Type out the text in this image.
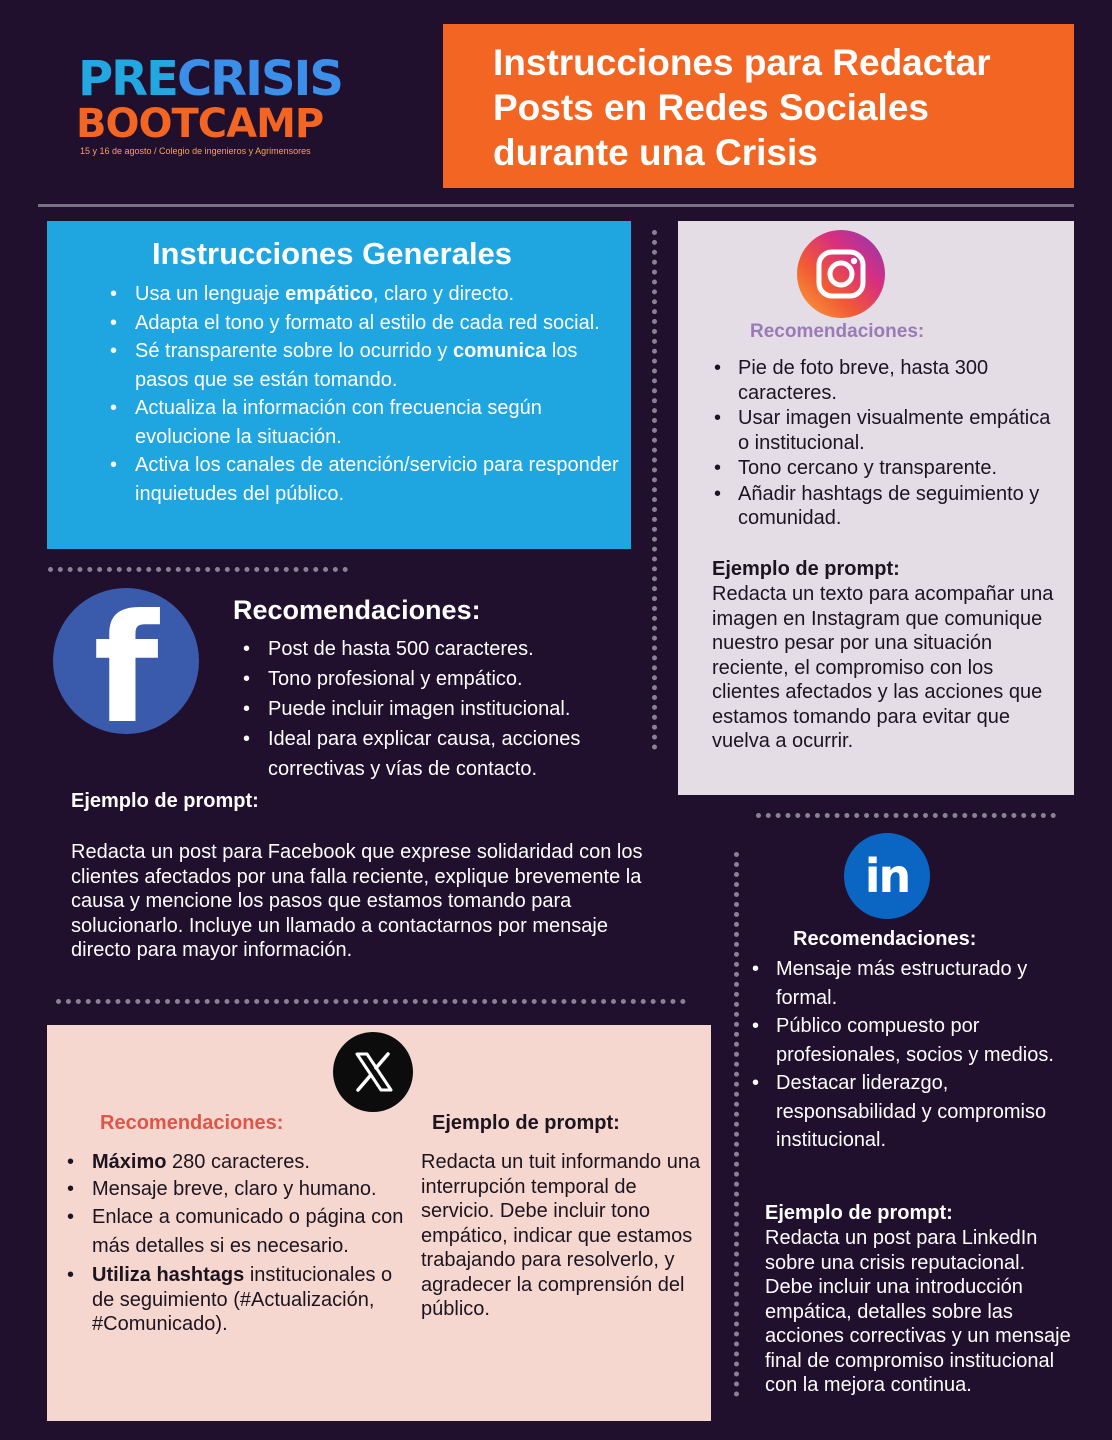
PRECRISIS
BOOTCAMP
15 y 16 de agosto / Colegio de ingenieros y Agrimensores
Instrucciones para Redactar Posts en Redes Sociales durante una Crisis
Instrucciones Generales
• Usa un lenguaje empático, claro y directo.
• Adapta el tono y formato al estilo de cada red social.
• Sé transparente sobre lo ocurrido y comunica los pasos que se están tomando.
• Actualiza la información con frecuencia según evolucione la situación.
• Activa los canales de atención/servicio para responder inquietudes del público.
f	Recomendaciones:
• Post de hasta 500 caracteres.
• Tono profesional y empático.
• Puede incluir imagen institucional.
• Ideal para explicar causa, acciones correctivas y vías de contacto.
Ejemplo de prompt:
Redacta un post para Facebook que exprese solidaridad con los clientes afectados por una falla reciente, explique brevemente la causa y mencione los pasos que estamos tomando para solucionarlo. Incluye un llamado a contactarnos por mensaje directo para mayor información.
Recomendaciones:
• Pie de foto breve, hasta 300 caracteres.
• Usar imagen visualmente empática o institucional.
• Tono cercano y transparente.
• Añadir hashtags de seguimiento y comunidad.
Ejemplo de prompt:
Redacta un texto para acompañar una imagen en Instagram que comunique nuestro pesar por una situación reciente, el compromiso con los clientes afectados y las acciones que estamos tomando para evitar que vuelva a ocurrir.
in
Recomendaciones:
• Mensaje más estructurado y formal.
• Público compuesto por profesionales, socios y medios.
• Destacar liderazgo, responsabilidad y compromiso institucional.
Ejemplo de prompt:
Redacta un post para LinkedIn sobre una crisis reputacional. Debe incluir una introducción empática, detalles sobre las acciones correctivas y un mensaje final de compromiso institucional con la mejora continua.
Recomendaciones:
• Máximo 280 caracteres.
• Mensaje breve, claro y humano.
• Enlace a comunicado o página con más detalles si es necesario.
• Utiliza hashtags institucionales o de seguimiento (#Actualización, #Comunicado).
Ejemplo de prompt:
Redacta un tuit informando una interrupción temporal de servicio. Debe incluir tono empático, indicar que estamos trabajando para resolverlo, y agradecer la comprensión del público.
